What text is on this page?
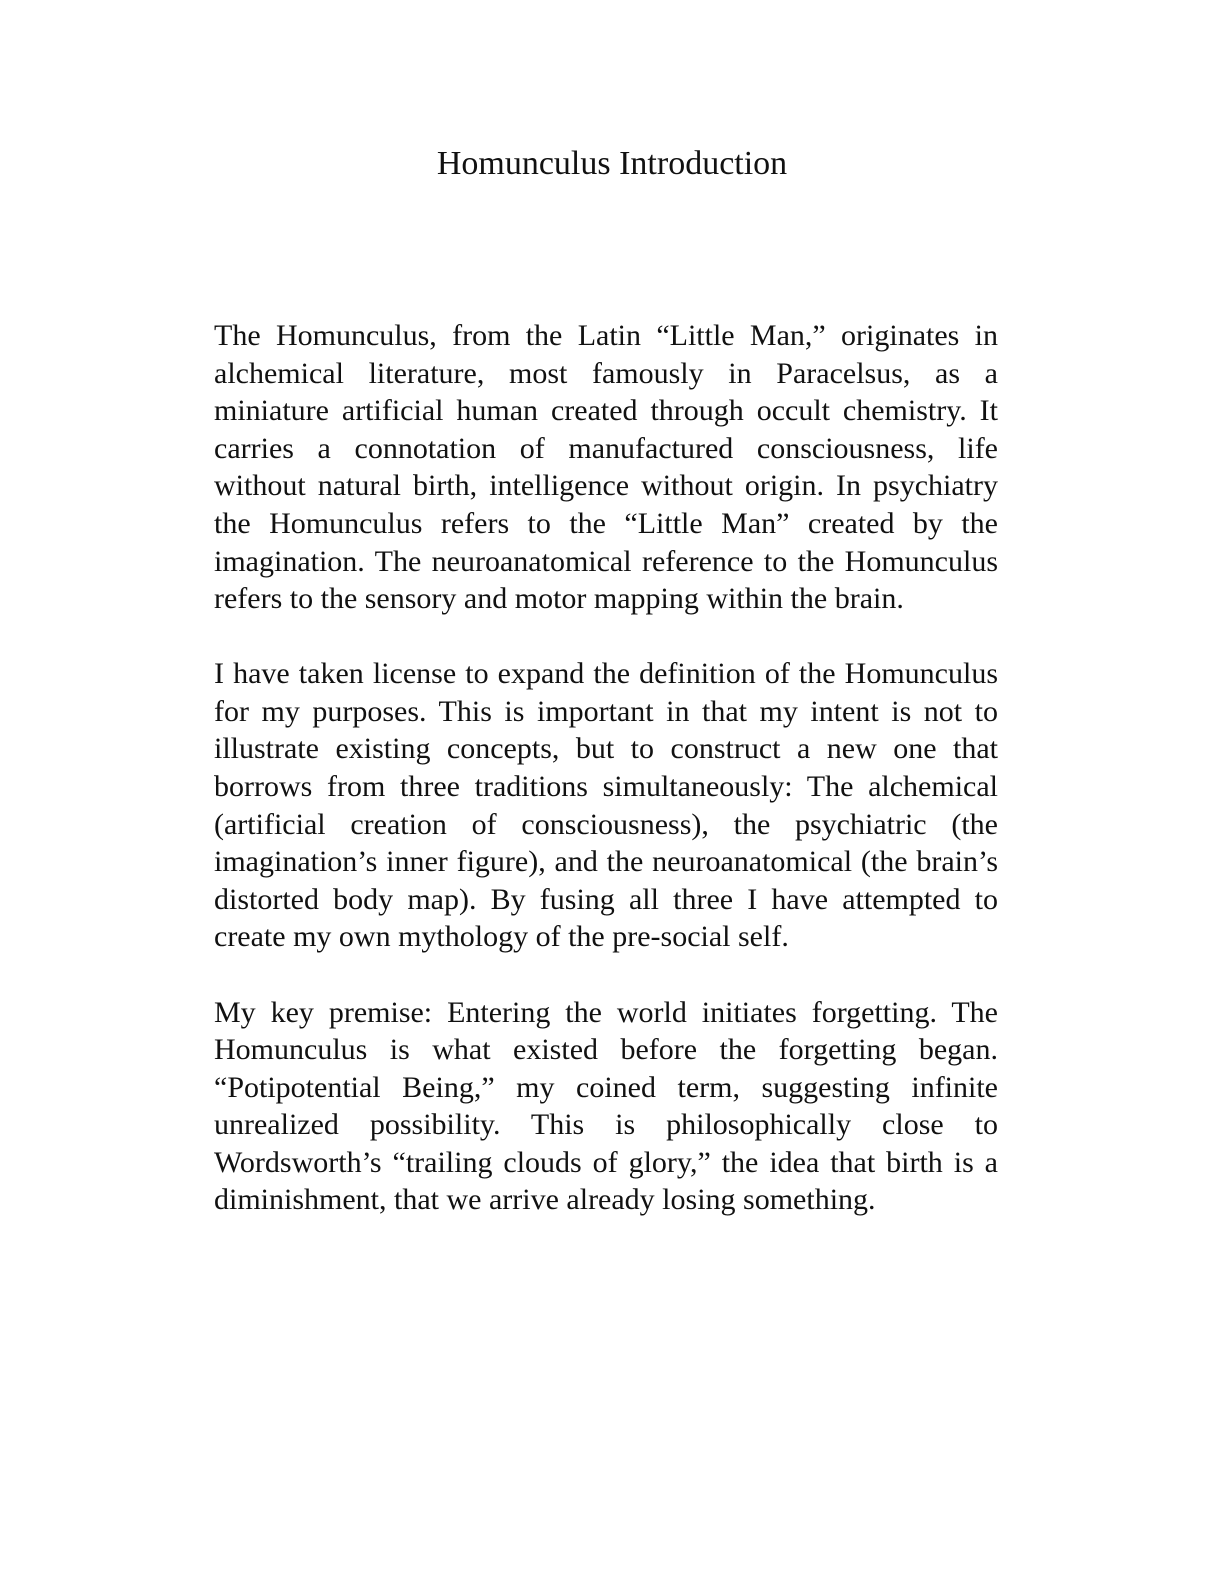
Homunculus Introduction

The Homunculus, from the Latin “Little Man,” originates in alchemical literature, most famously in Paracelsus, as a miniature artificial human created through occult chemistry. It carries a connotation of manufactured consciousness, life without natural birth, intelligence without origin. In psychiatry the Homunculus refers to the “Little Man” created by the imagination. The neuroanatomical reference to the Homunculus refers to the sensory and motor mapping within the brain.

I have taken license to expand the definition of the Homunculus for my purposes. This is important in that my intent is not to illustrate existing concepts, but to construct a new one that borrows from three traditions simultaneously: The alchemical (artificial creation of consciousness), the psychiatric (the imagination’s inner figure), and the neuroanatomical (the brain’s distorted body map). By fusing all three I have attempted to create my own mythology of the pre-social self.

My key premise: Entering the world initiates forgetting. The Homunculus is what existed before the forgetting began. “Potipotential Being,” my coined term, suggesting infinite unrealized possibility. This is philosophically close to Wordsworth’s “trailing clouds of glory,” the idea that birth is a diminishment, that we arrive already losing something.
